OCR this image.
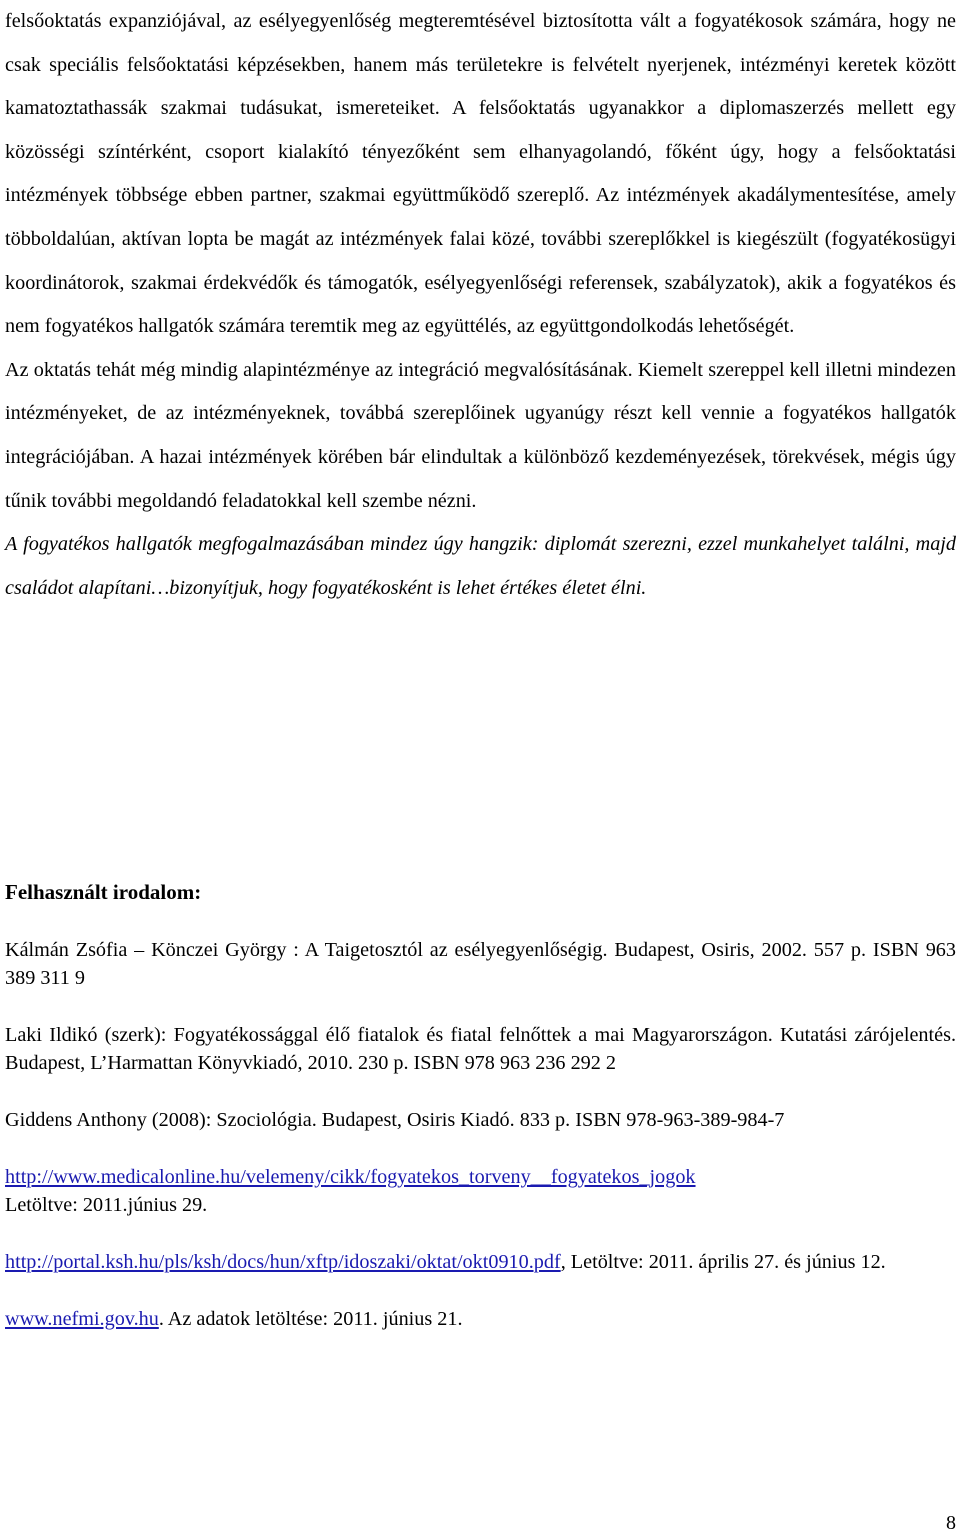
felsőoktatás expanziójával, az esélyegyenlőség megteremtésével biztosította vált a fogyatékosok számára, hogy ne csak speciális felsőoktatási képzésekben, hanem más területekre is felvételt nyerjenek, intézményi keretek között kamatoztathassák szakmai tudásukat, ismereteiket. A felsőoktatás ugyanakkor a diplomaszerzés mellett egy közösségi színtérként, csoport kialakító tényezőként sem elhanyagolandó, főként úgy, hogy a felsőoktatási intézmények többsége ebben partner, szakmai együttműködő szereplő. Az intézmények akadálymentesítése, amely többoldalúan, aktívan lopta be magát az intézmények falai közé, további szereplőkkel is kiegészült (fogyatékosügyi koordinátorok, szakmai érdekvédők és támogatók, esélyegyenlőségi referensek, szabályzatok), akik a fogyatékos és nem fogyatékos hallgatók számára teremtik meg az együttélés, az együttgondolkodás lehetőségét.

Az oktatás tehát még mindig alapintézménye az integráció megvalósításának. Kiemelt szereppel kell illetni mindezen intézményeket, de az intézményeknek, továbbá szereplőinek ugyanúgy részt kell vennie a fogyatékos hallgatók integrációjában. A hazai intézmények körében bár elindultak a különböző kezdeményezések, törekvések, mégis úgy tűnik további megoldandó feladatokkal kell szembe nézni.

A fogyatékos hallgatók megfogalmazásában mindez úgy hangzik: diplomát szerezni, ezzel munkahelyet találni, majd családot alapítani…bizonyítjuk, hogy fogyatékosként is lehet értékes életet élni.

Felhasznált irodalom:

Kálmán Zsófia – Könczei György : A Taigetosztól az esélyegyenlőségig. Budapest, Osiris, 2002. 557 p. ISBN 963 389 311 9

Laki Ildikó (szerk): Fogyatékossággal élő fiatalok és fiatal felnőttek a mai Magyarországon. Kutatási zárójelentés. Budapest, L’Harmattan Könyvkiadó, 2010. 230 p. ISBN 978 963 236 292 2

Giddens Anthony (2008): Szociológia. Budapest, Osiris Kiadó. 833 p. ISBN 978-963-389-984-7

http://www.medicalonline.hu/velemeny/cikk/fogyatekos_torveny__fogyatekos_jogok
Letöltve: 2011.június 29.

http://portal.ksh.hu/pls/ksh/docs/hun/xftp/idoszaki/oktat/okt0910.pdf, Letöltve: 2011. április 27. és június 12.

www.nefmi.gov.hu. Az adatok letöltése: 2011. június 21.

8
